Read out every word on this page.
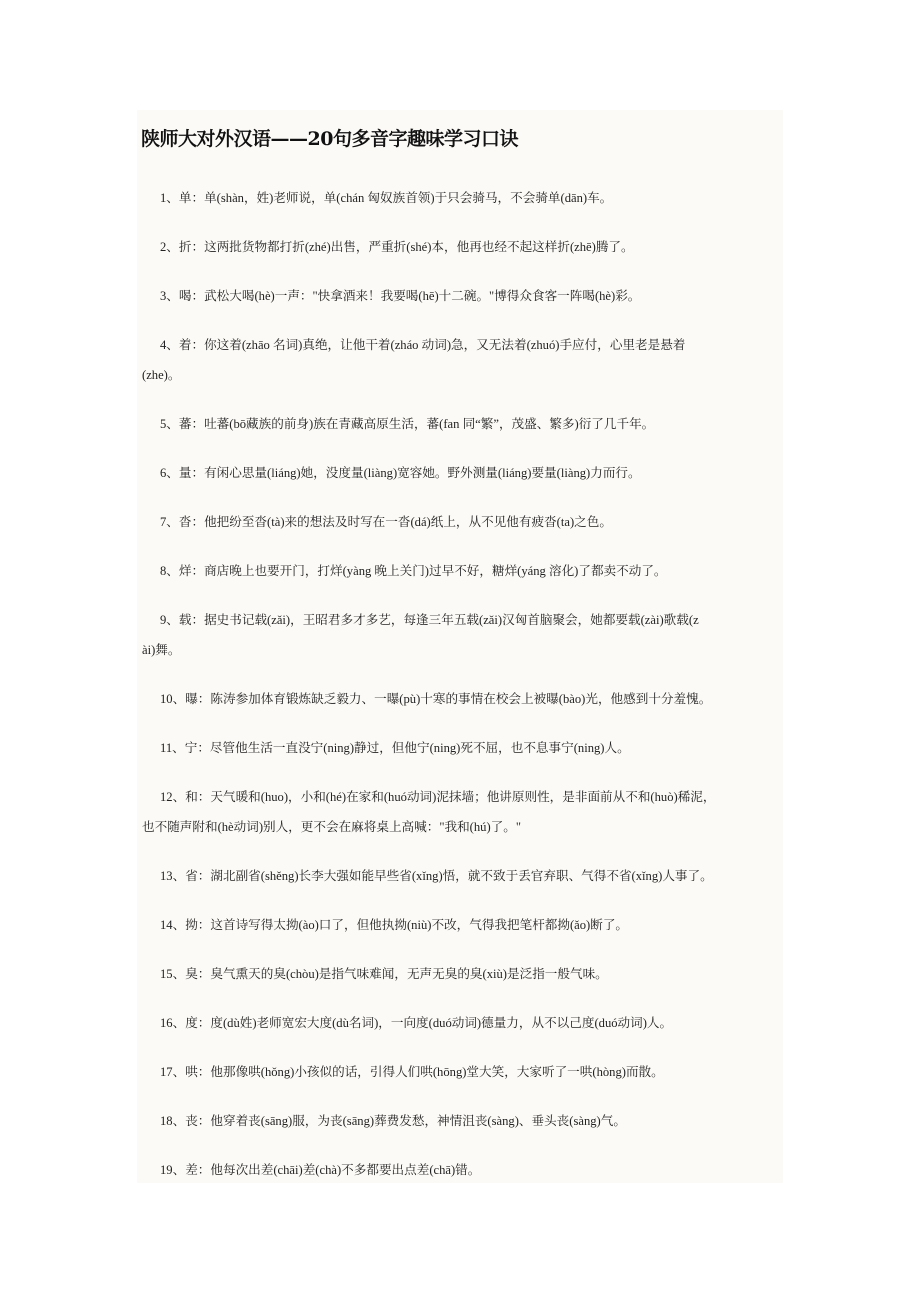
陕师大对外汉语——20句多音字趣味学习口诀
1、单：单(shàn，姓)老师说，单(chán 匈奴族首领)于只会骑马，不会骑单(dān)车。
2、折：这两批货物都打折(zhé)出售，严重折(shé)本，他再也经不起这样折(zhē)腾了。
3、喝：武松大喝(hè)一声："快拿酒来！我要喝(hē)十二碗。"博得众食客一阵喝(hè)彩。
4、着：你这着(zhāo 名词)真绝，让他干着(zháo 动词)急，又无法着(zhuó)手应付，心里老是悬着
(zhe)。
5、蕃：吐蕃(bō藏族的前身)族在青藏高原生活，蕃(fan 同“繁”，茂盛、繁多)衍了几千年。
6、量：有闲心思量(liáng)她，没度量(liàng)宽容她。野外测量(liáng)要量(liàng)力而行。
7、沓：他把纷至沓(tà)来的想法及时写在一沓(dá)纸上，从不见他有疲沓(ta)之色。
8、烊：商店晚上也要开门，打烊(yàng 晚上关门)过早不好，糖烊(yáng 溶化)了都卖不动了。
9、载：据史书记载(zǎi)，王昭君多才多艺，每逢三年五载(zǎi)汉匈首脑聚会，她都要载(zài)歌载(z
ài)舞。
10、曝：陈涛参加体育锻炼缺乏毅力、一曝(pù)十寒的事情在校会上被曝(bào)光，他感到十分羞愧。
11、宁：尽管他生活一直没宁(ning)静过，但他宁(ning)死不屈，也不息事宁(ning)人。
12、和：天气暖和(huo)，小和(hé)在家和(huó动词)泥抹墙；他讲原则性，是非面前从不和(huò)稀泥，
也不随声附和(hè动词)别人，更不会在麻将桌上高喊："我和(hú)了。"
13、省：湖北副省(shěng)长李大强如能早些省(xǐng)悟，就不致于丢官弃职、气得不省(xǐng)人事了。
14、拗：这首诗写得太拗(ào)口了，但他执拗(niù)不改，气得我把笔杆都拗(ǎo)断了。
15、臭：臭气熏天的臭(chòu)是指气味难闻，无声无臭的臭(xiù)是泛指一般气味。
16、度：度(dù姓)老师宽宏大度(dù名词)，一向度(duó动词)德量力，从不以己度(duó动词)人。
17、哄：他那像哄(hǒng)小孩似的话，引得人们哄(hōng)堂大笑，大家听了一哄(hòng)而散。
18、丧：他穿着丧(sāng)服，为丧(sāng)葬费发愁，神情沮丧(sàng)、垂头丧(sàng)气。
19、差：他每次出差(chāi)差(chà)不多都要出点差(chā)错。
